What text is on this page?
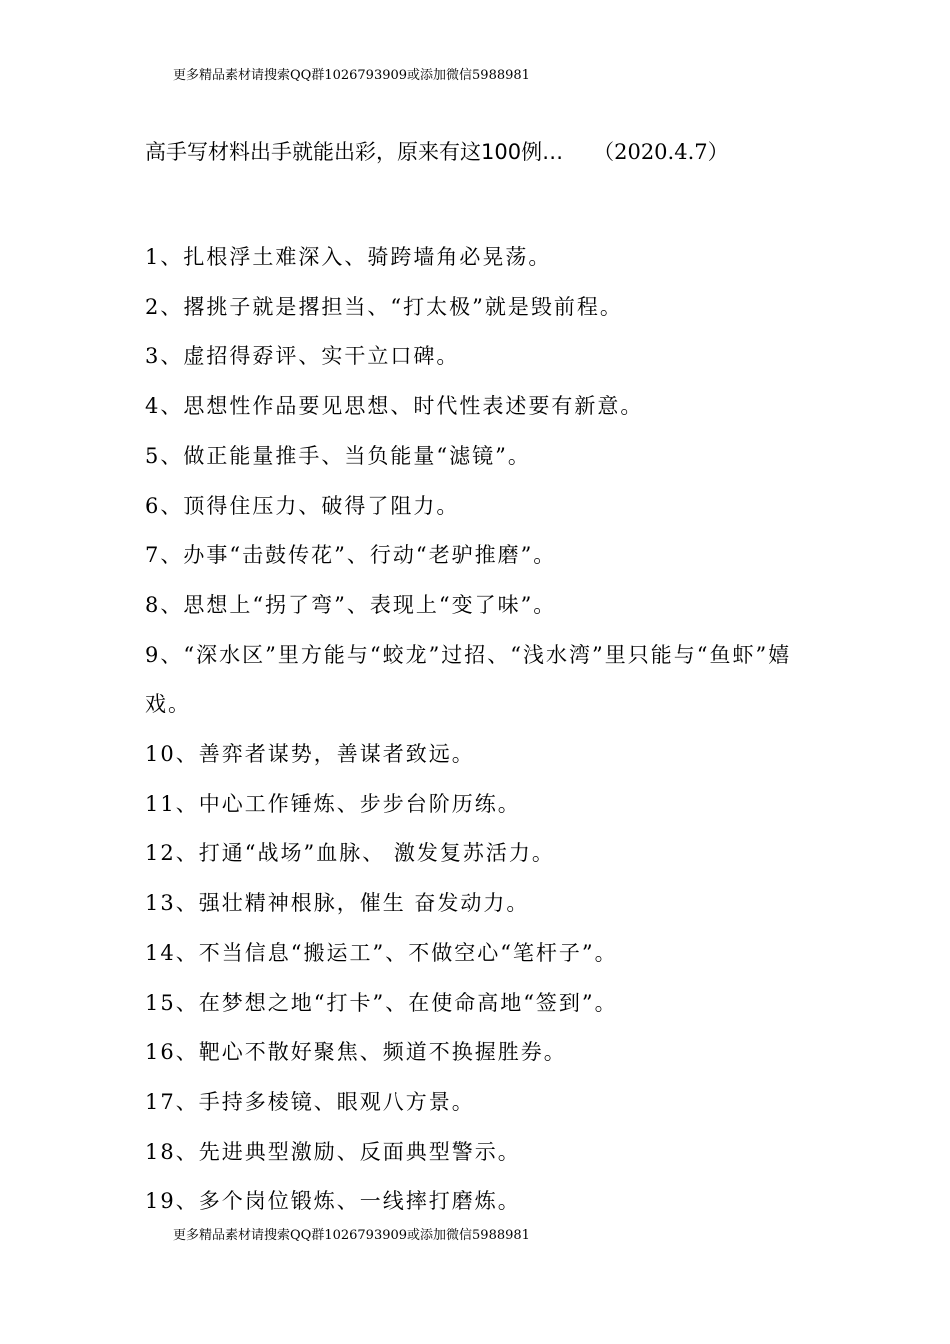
更多精品素材请搜索QQ群1026793909或添加微信5988981
高手写材料出手就能出彩，原来有这100例… （2020.4.7）
1、扎根浮土难深入、骑跨墙角必晃荡。
2、撂挑子就是撂担当、“打太极”就是毁前程。
3、虚招得孬评、实干立口碑。
4、思想性作品要见思想、时代性表述要有新意。
5、做正能量推手、当负能量“滤镜”。
6、顶得住压力、破得了阻力。
7、办事“击鼓传花”、行动“老驴推磨”。
8、思想上“拐了弯”、表现上“变了味”。
9、“深水区”里方能与“蛟龙”过招、“浅水湾”里只能与“鱼虾”嬉戏。
10、善弈者谋势，善谋者致远。
11、中心工作锤炼、步步台阶历练。
12、打通“战场”血脉、 激发复苏活力。
13、强壮精神根脉，催生 奋发动力。
14、不当信息“搬运工”、不做空心“笔杆子”。
15、在梦想之地“打卡”、在使命高地“签到”。
16、靶心不散好聚焦、频道不换握胜券。
17、手持多棱镜、眼观八方景。
18、先进典型激励、反面典型警示。
19、多个岗位锻炼、一线摔打磨炼。
更多精品素材请搜索QQ群1026793909或添加微信5988981
